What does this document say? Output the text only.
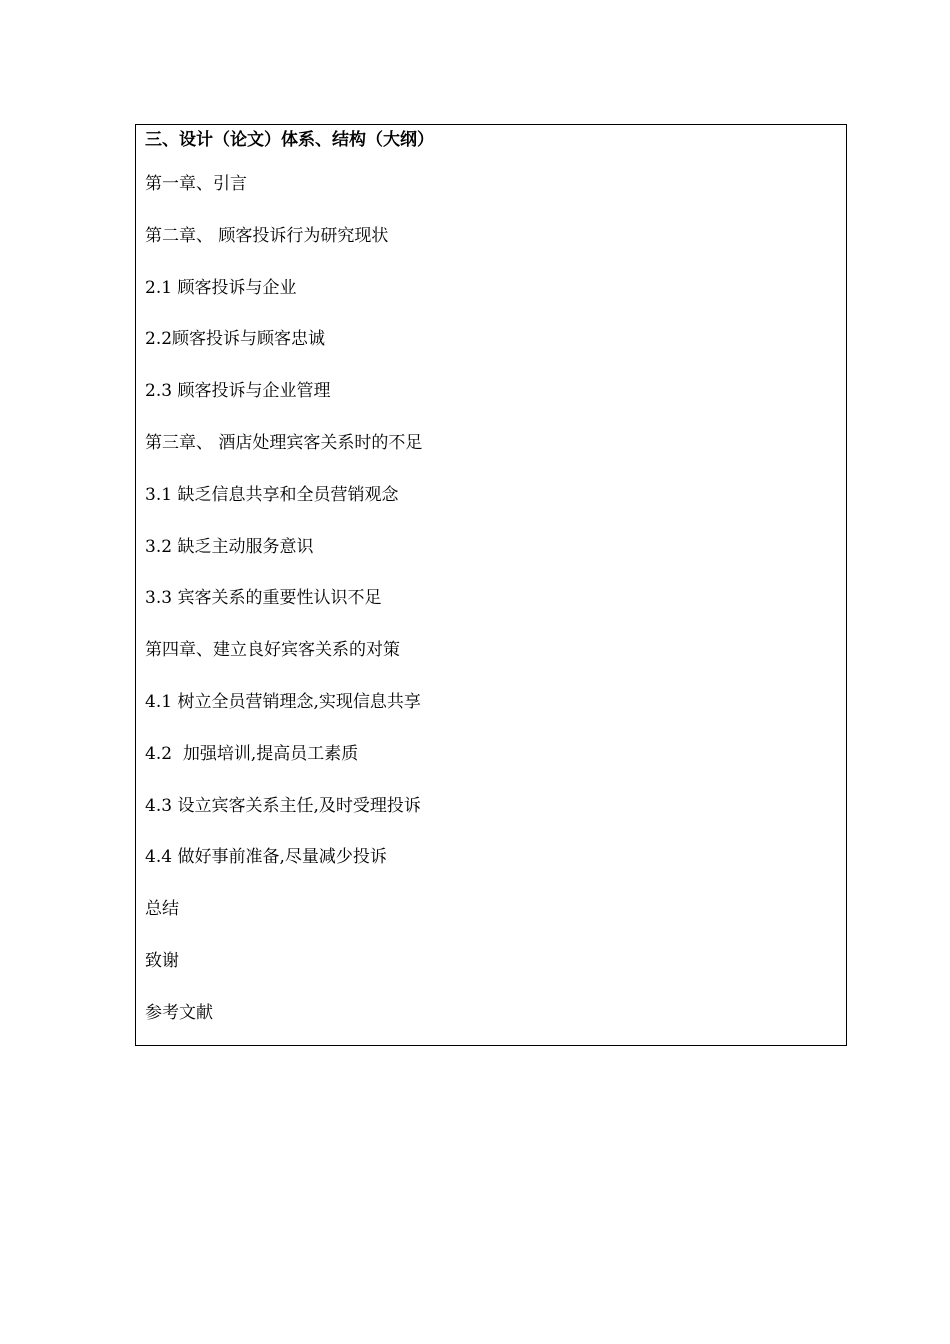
三、设计（论文）体系、结构（大纲）
第一章、引言
第二章、 顾客投诉行为研究现状
2.1 顾客投诉与企业
2.2顾客投诉与顾客忠诚
2.3 顾客投诉与企业管理
第三章、 酒店处理宾客关系时的不足
3.1 缺乏信息共享和全员营销观念
3.2 缺乏主动服务意识
3.3 宾客关系的重要性认识不足
第四章、建立良好宾客关系的对策
4.1 树立全员营销理念,实现信息共享
4.2  加强培训,提高员工素质
4.3 设立宾客关系主任,及时受理投诉
4.4 做好事前准备,尽量减少投诉
总结
致谢
参考文献
